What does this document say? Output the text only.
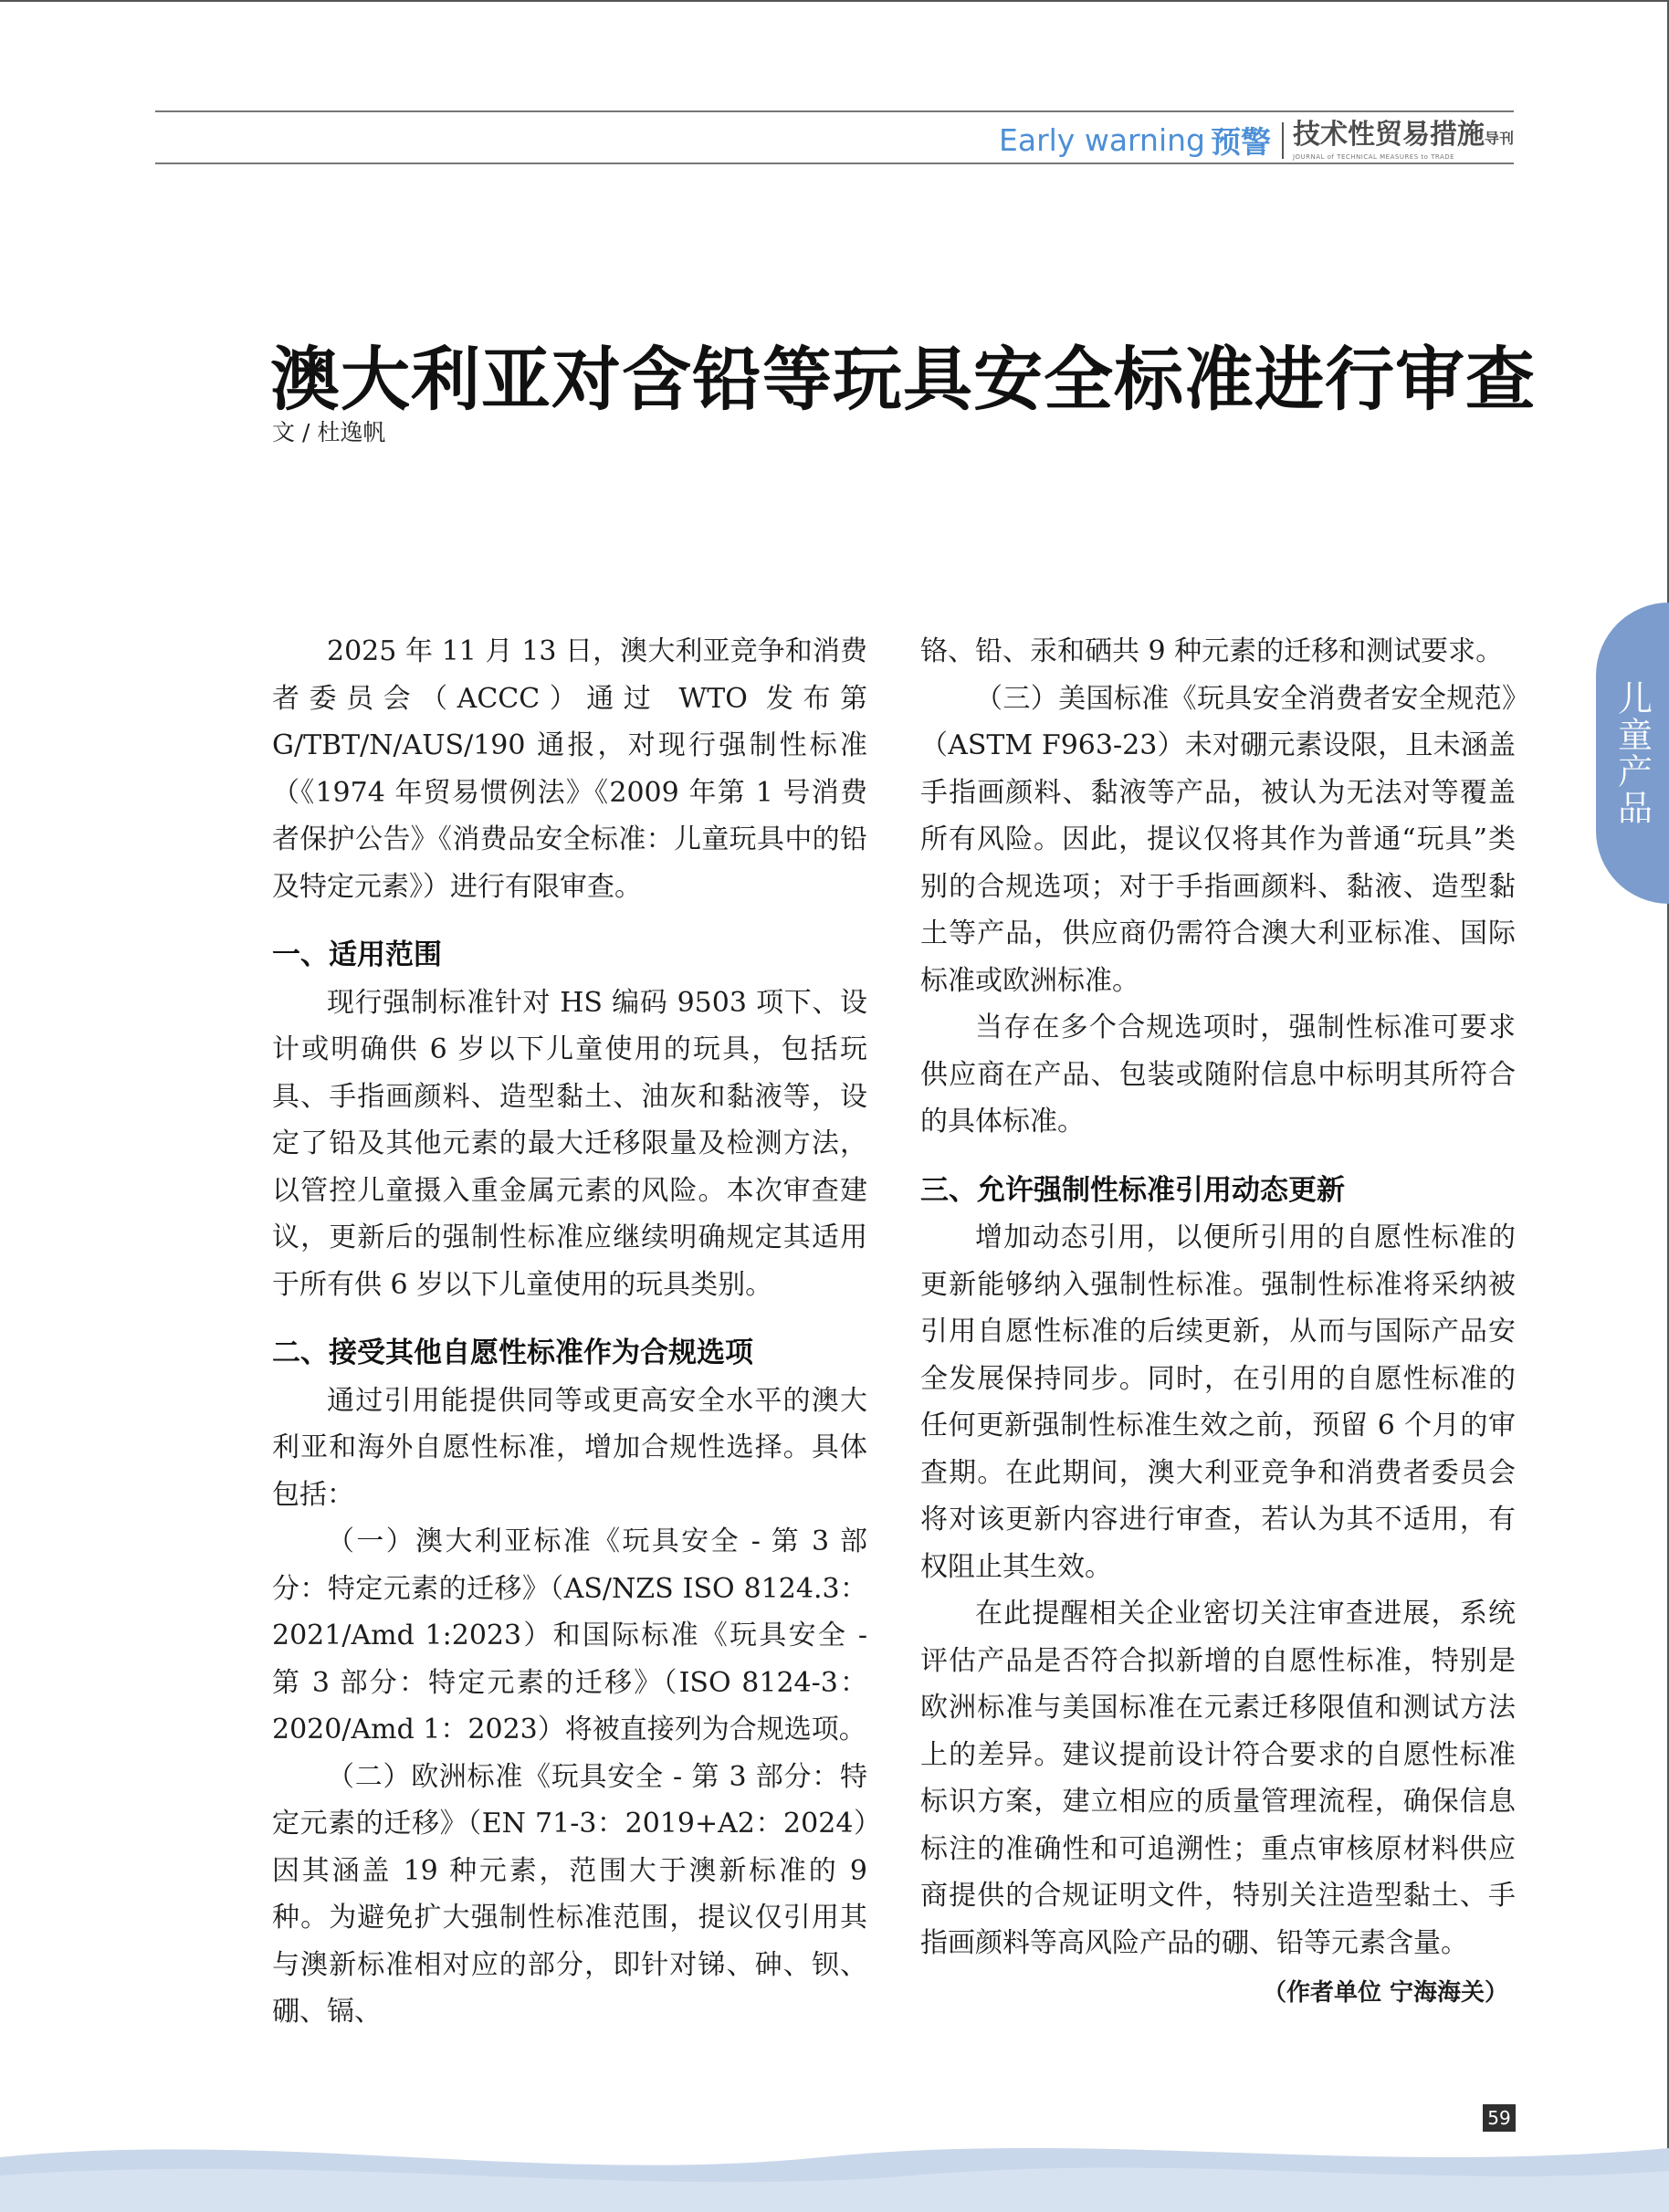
Early warning 预警 技术性贸易措施导刊
JOURNAL of TECHNICAL MEASURES to TRADE
澳大利亚对含铅等玩具安全标准进行审查
文 / 杜逸帆

2025 年 11 月 13 日，澳大利亚竞争和消费者委员会（ACCC）通过 WTO 发布第 G/TBT/N/AUS/190 通报，对现行强制性标准（《1974 年贸易惯例法》《2009 年第 1 号消费者保护公告》《消费品安全标准：儿童玩具中的铅及特定元素》）进行有限审查。

一、适用范围

现行强制标准针对 HS 编码 9503 项下、设计或明确供 6 岁以下儿童使用的玩具，包括玩具、手指画颜料、造型黏土、油灰和黏液等，设定了铅及其他元素的最大迁移限量及检测方法，以管控儿童摄入重金属元素的风险。本次审查建议，更新后的强制性标准应继续明确规定其适用于所有供 6 岁以下儿童使用的玩具类别。

二、接受其他自愿性标准作为合规选项

通过引用能提供同等或更高安全水平的澳大利亚和海外自愿性标准，增加合规性选择。具体包括：

（一）澳大利亚标准《玩具安全 - 第 3 部分：特定元素的迁移》（AS/NZS ISO 8124.3：2021/Amd 1:2023）和国际标准《玩具安全 - 第 3 部分：特定元素的迁移》（ISO 8124-3：2020/Amd 1：2023）将被直接列为合规选项。

（二）欧洲标准《玩具安全 - 第 3 部分：特定元素的迁移》（EN 71-3：2019+A2：2024）因其涵盖 19 种元素，范围大于澳新标准的 9 种。为避免扩大强制性标准范围，提议仅引用其与澳新标准相对应的部分，即针对锑、砷、钡、硼、镉、

铬、铅、汞和硒共 9 种元素的迁移和测试要求。

（三）美国标准《玩具安全消费者安全规范》（ASTM F963-23）未对硼元素设限，且未涵盖手指画颜料、黏液等产品，被认为无法对等覆盖所有风险。因此，提议仅将其作为普通“玩具”类别的合规选项；对于手指画颜料、黏液、造型黏土等产品，供应商仍需符合澳大利亚标准、国际标准或欧洲标准。

当存在多个合规选项时，强制性标准可要求供应商在产品、包装或随附信息中标明其所符合的具体标准。

三、允许强制性标准引用动态更新

增加动态引用，以便所引用的自愿性标准的更新能够纳入强制性标准。强制性标准将采纳被引用自愿性标准的后续更新，从而与国际产品安全发展保持同步。同时，在引用的自愿性标准的任何更新强制性标准生效之前，预留 6 个月的审查期。在此期间，澳大利亚竞争和消费者委员会将对该更新内容进行审查，若认为其不适用，有权阻止其生效。

在此提醒相关企业密切关注审查进展，系统评估产品是否符合拟新增的自愿性标准，特别是欧洲标准与美国标准在元素迁移限值和测试方法上的差异。建议提前设计符合要求的自愿性标准标识方案，建立相应的质量管理流程，确保信息标注的准确性和可追溯性；重点审核原材料供应商提供的合规证明文件，特别关注造型黏土、手指画颜料等高风险产品的硼、铅等元素含量。

（作者单位 宁海海关）
儿童产品
59
